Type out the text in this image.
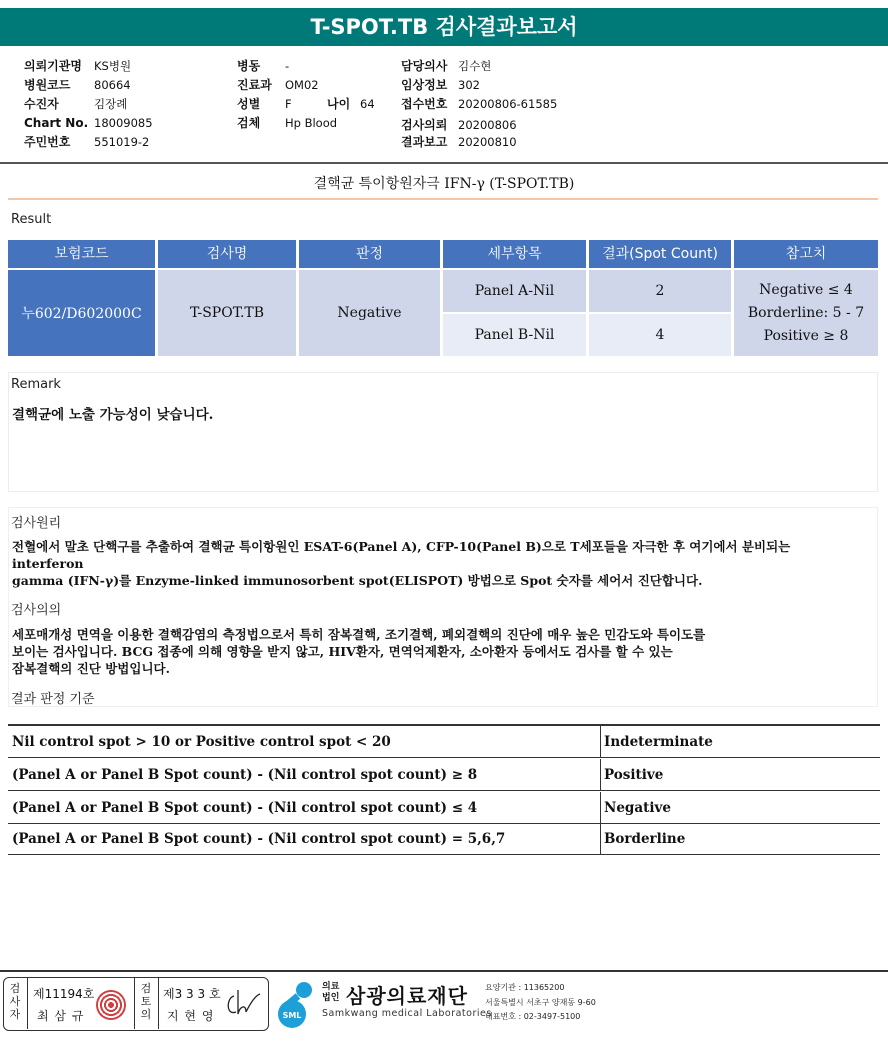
T-SPOT.TB 검사결과보고서
의뢰기관명 KS병원
병원코드 80664
수진자	김장례
Chart No. 18009085
주민번호 551019-2
병동 -
진료과 OM02
성별 F	나이 64
검체 Hp Blood
담당의사 김수현
임상정보 302
접수번호 20200806-61585
검사의뢰 20200806
결과보고 20200810
결핵균 특이항원자극 IFN-γ (T-SPOT.TB)
Result
보험코드	검사명	판정	세부항목	결과(Spot Count)	참고치
누602/D602000C	T-SPOT.TB	Negative
Panel A-Nil	2
Panel B-Nil	4
Negative ≤ 4
Borderline: 5 - 7
Positive ≥ 8
Remark
결핵균에 노출 가능성이 낮습니다.
검사원리
전혈에서 말초 단핵구를 추출하여 결핵균 특이항원인 ESAT-6(Panel A), CFP-10(Panel B)으로 T세포들을 자극한 후 여기에서 분비되는
interferon
gamma (IFN-γ)를 Enzyme-linked immunosorbent spot(ELISPOT) 방법으로 Spot 숫자를 세어서 진단합니다.
검사의의
세포매개성 면역을 이용한 결핵감염의 측정법으로서 특히 잠복결핵, 조기결핵, 폐외결핵의 진단에 매우 높은 민감도와 특이도를
보이는 검사입니다. BCG 접종에 의해 영향을 받지 않고, HIV환자, 면역억제환자, 소아환자 등에서도 검사를 할 수 있는
잠복결핵의 진단 방법입니다.
결과 판정 기준
Nil control spot > 10 or Positive control spot < 20	Indeterminate
(Panel A or Panel B Spot count) - (Nil control spot count) ≥ 8	Positive
(Panel A or Panel B Spot count) - (Nil control spot count) ≤ 4	Negative
(Panel A or Panel B Spot count) - (Nil control spot count) = 5,6,7	Borderline
검사자
제11194호
최 삼 규
검토의
제3 3 3 호
지 현 영	SML
의료
법인 삼광의료재단
Samkwang medical Laboratories
요양기관 : 11365200
서울특별시 서초구 양재동 9-60
대표번호 : 02-3497-5100
